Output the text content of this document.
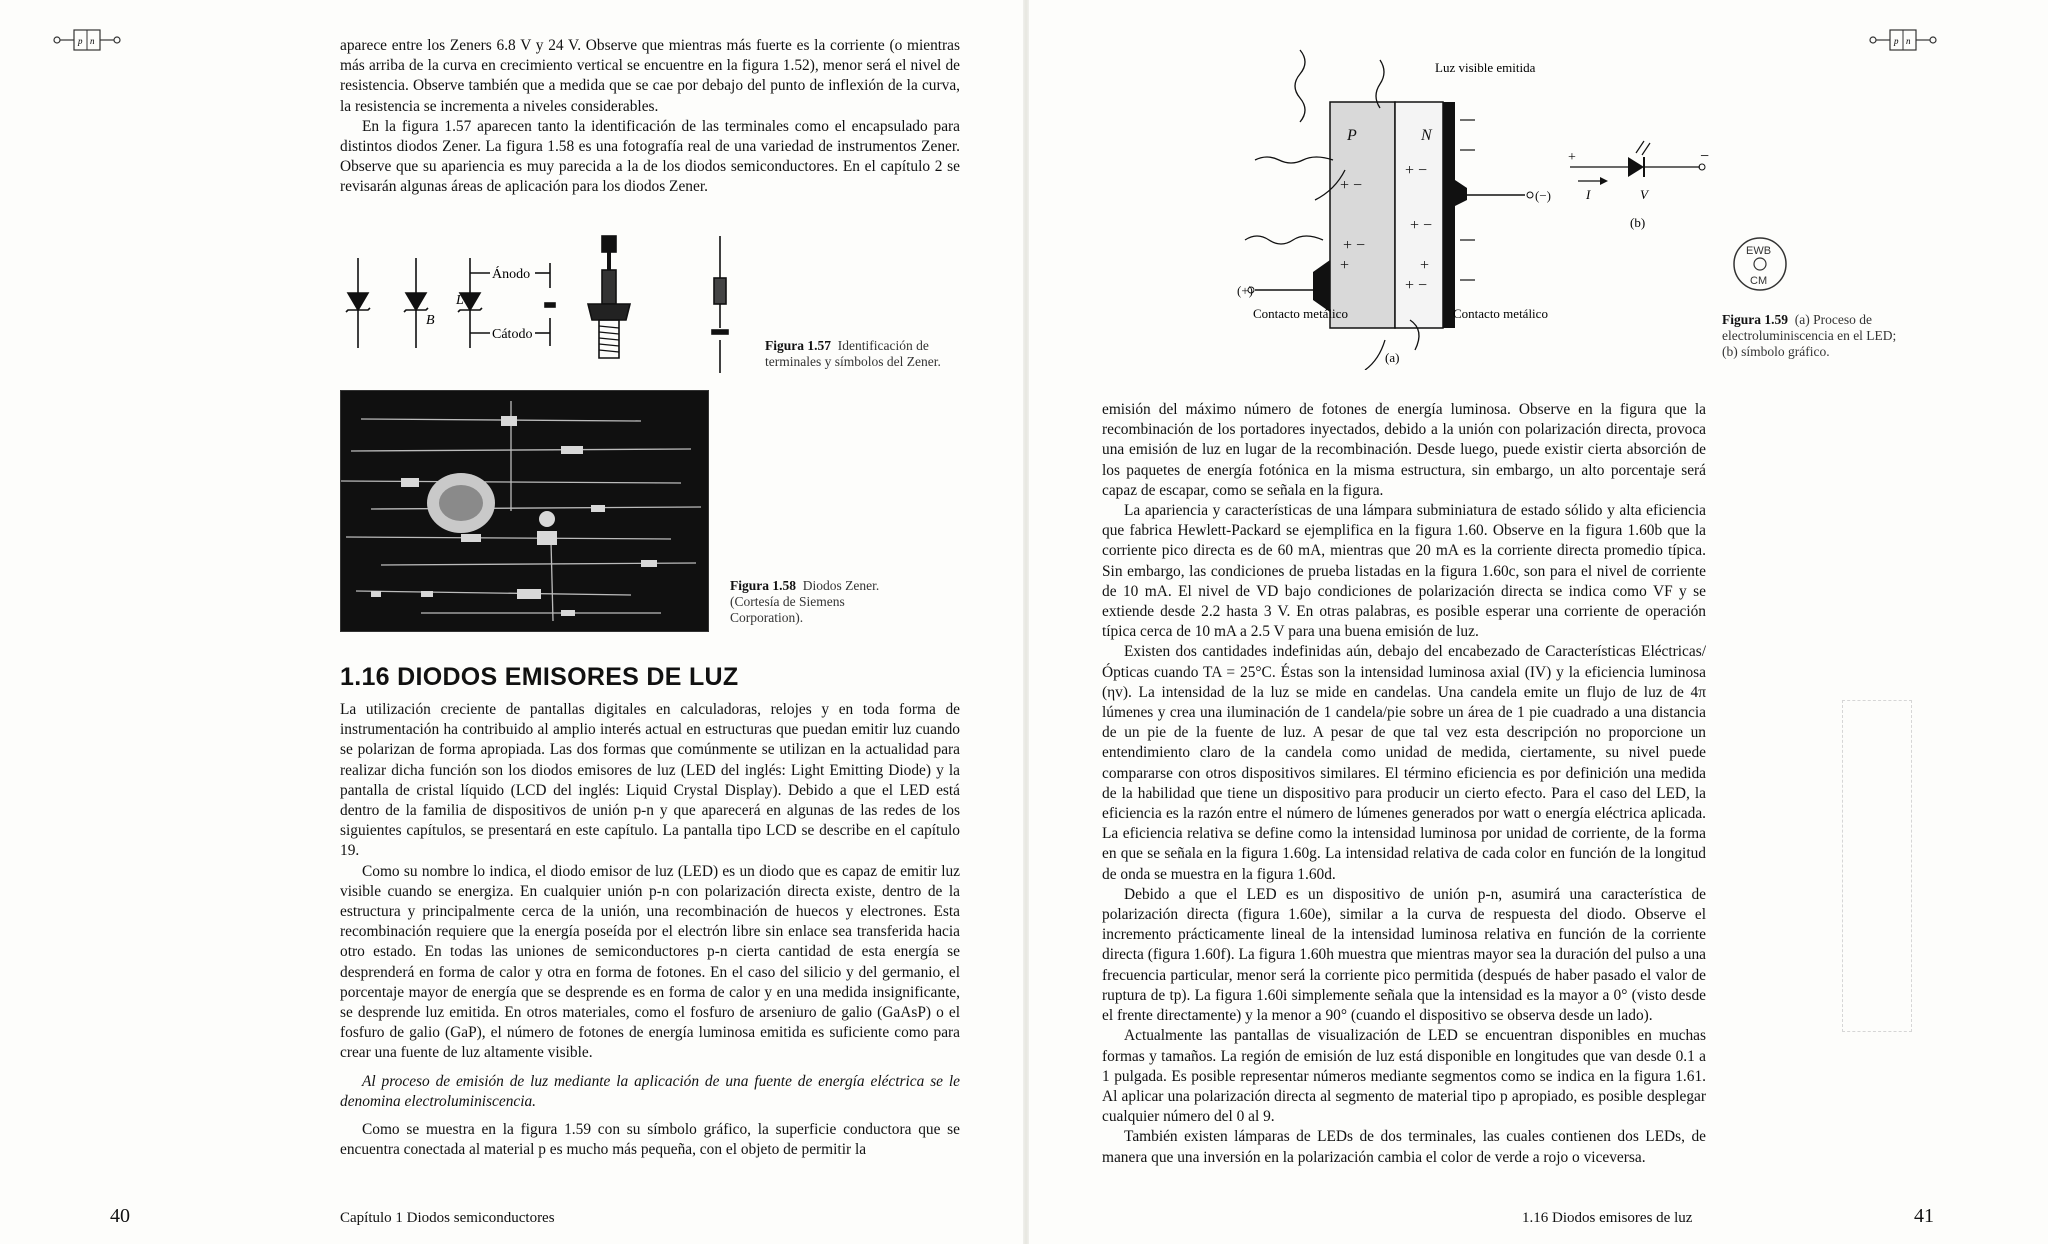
p n	aparece entre los Zeners 6.8 V y 24 V. Observe que mientras más fuerte es la corriente (o mientras más arriba de la curva en crecimiento vertical se encuentre en la figura 1.52), menor será el nivel de resistencia. Observe también que a medida que se cae por debajo del punto de inflexión de la curva, la resistencia se incrementa a niveles considerables.

En la figura 1.57 aparecen tanto la identificación de las terminales como el encapsulado para distintos diodos Zener. La figura 1.58 es una fotografía real de una variedad de instrumentos Zener. Observe que su apariencia es muy parecida a la de los diodos semiconductores. En el capítulo 2 se revisarán algunas áreas de aplicación para los diodos Zener.

B
L
Ánodo
Cátodo
Figura 1.57 Identificación de terminales y símbolos del Zener.
Figura 1.58 Diodos Zener. (Cortesía de Siemens Corporation).
1.16 DIODOS EMISORES DE LUZ

La utilización creciente de pantallas digitales en calculadoras, relojes y en toda forma de instrumentación ha contribuido al amplio interés actual en estructuras que puedan emitir luz cuando se polarizan de forma apropiada. Las dos formas que comúnmente se utilizan en la actualidad para realizar dicha función son los diodos emisores de luz (LED del inglés: Light Emitting Diode) y la pantalla de cristal líquido (LCD del inglés: Liquid Crystal Display). Debido a que el LED está dentro de la familia de dispositivos de unión p-n y que aparecerá en algunas de las redes de los siguientes capítulos, se presentará en este capítulo. La pantalla tipo LCD se describe en el capítulo 19.

Como su nombre lo indica, el diodo emisor de luz (LED) es un diodo que es capaz de emitir luz visible cuando se energiza. En cualquier unión p-n con polarización directa existe, dentro de la estructura y principalmente cerca de la unión, una recombinación de huecos y electrones. Esta recombinación requiere que la energía poseída por el electrón libre sin enlace sea transferida hacia otro estado. En todas las uniones de semiconductores p-n cierta cantidad de esta energía se desprenderá en forma de calor y otra en forma de fotones. En el caso del silicio y del germanio, el porcentaje mayor de energía que se desprende es en forma de calor y en una medida insignificante, se desprende luz emitida. En otros materiales, como el fosfuro de arseniuro de galio (GaAsP) o el fosfuro de galio (GaP), el número de fotones de energía luminosa emitida es suficiente como para crear una fuente de luz altamente visible.

Al proceso de emisión de luz mediante la aplicación de una fuente de energía eléctrica se le denomina electroluminiscencia.

Como se muestra en la figura 1.59 con su símbolo gráfico, la superficie conductora que se encuentra conectada al material p es mucho más pequeña, con el objeto de permitir la

40	Capítulo 1 Diodos semiconductores
p n
P	N
+ −
+ −
+
+ −
+ −
+
+ −
(+)
(−)
Luz visible emitida
Contacto metálico	Contacto metálico
(a)
+	−
I	V
(b)
EWB
CM
Figura 1.59 (a) Proceso de electroluminiscencia en el LED; (b) símbolo gráfico.

emisión del máximo número de fotones de energía luminosa. Observe en la figura que la recombinación de los portadores inyectados, debido a la unión con polarización directa, provoca una emisión de luz en lugar de la recombinación. Desde luego, puede existir cierta absorción de los paquetes de energía fotónica en la misma estructura, sin embargo, un alto porcentaje será capaz de escapar, como se señala en la figura.

La apariencia y características de una lámpara subminiatura de estado sólido y alta eficiencia que fabrica Hewlett-Packard se ejemplifica en la figura 1.60. Observe en la figura 1.60b que la corriente pico directa es de 60 mA, mientras que 20 mA es la corriente directa promedio típica. Sin embargo, las condiciones de prueba listadas en la figura 1.60c, son para el nivel de corriente de 10 mA. El nivel de VD bajo condiciones de polarización directa se indica como VF y se extiende desde 2.2 hasta 3 V. En otras palabras, es posible esperar una corriente de operación típica cerca de 10 mA a 2.5 V para una buena emisión de luz.

Existen dos cantidades indefinidas aún, debajo del encabezado de Características Eléctricas/Ópticas cuando TA = 25°C. Éstas son la intensidad luminosa axial (IV) y la eficiencia luminosa (ηv). La intensidad de la luz se mide en candelas. Una candela emite un flujo de luz de 4π lúmenes y crea una iluminación de 1 candela/pie sobre un área de 1 pie cuadrado a una distancia de un pie de la fuente de luz. A pesar de que tal vez esta descripción no proporcione un entendimiento claro de la candela como unidad de medida, ciertamente, su nivel puede compararse con otros dispositivos similares. El término eficiencia es por definición una medida de la habilidad que tiene un dispositivo para producir un cierto efecto. Para el caso del LED, la eficiencia es la razón entre el número de lúmenes generados por watt o energía eléctrica aplicada. La eficiencia relativa se define como la intensidad luminosa por unidad de corriente, de la forma en que se señala en la figura 1.60g. La intensidad relativa de cada color en función de la longitud de onda se muestra en la figura 1.60d.

Debido a que el LED es un dispositivo de unión p-n, asumirá una característica de polarización directa (figura 1.60e), similar a la curva de respuesta del diodo. Observe el incremento prácticamente lineal de la intensidad luminosa relativa en función de la corriente directa (figura 1.60f). La figura 1.60h muestra que mientras mayor sea la duración del pulso a una frecuencia particular, menor será la corriente pico permitida (después de haber pasado el valor de ruptura de tp). La figura 1.60i simplemente señala que la intensidad es la mayor a 0° (visto desde el frente directamente) y la menor a 90° (cuando el dispositivo se observa desde un lado).

Actualmente las pantallas de visualización de LED se encuentran disponibles en muchas formas y tamaños. La región de emisión de luz está disponible en longitudes que van desde 0.1 a 1 pulgada. Es posible representar números mediante segmentos como se indica en la figura 1.61. Al aplicar una polarización directa al segmento de material tipo p apropiado, es posible desplegar cualquier número del 0 al 9.

También existen lámparas de LEDs de dos terminales, las cuales contienen dos LEDs, de manera que una inversión en la polarización cambia el color de verde a rojo o viceversa.

1.16 Diodos emisores de luz	41
